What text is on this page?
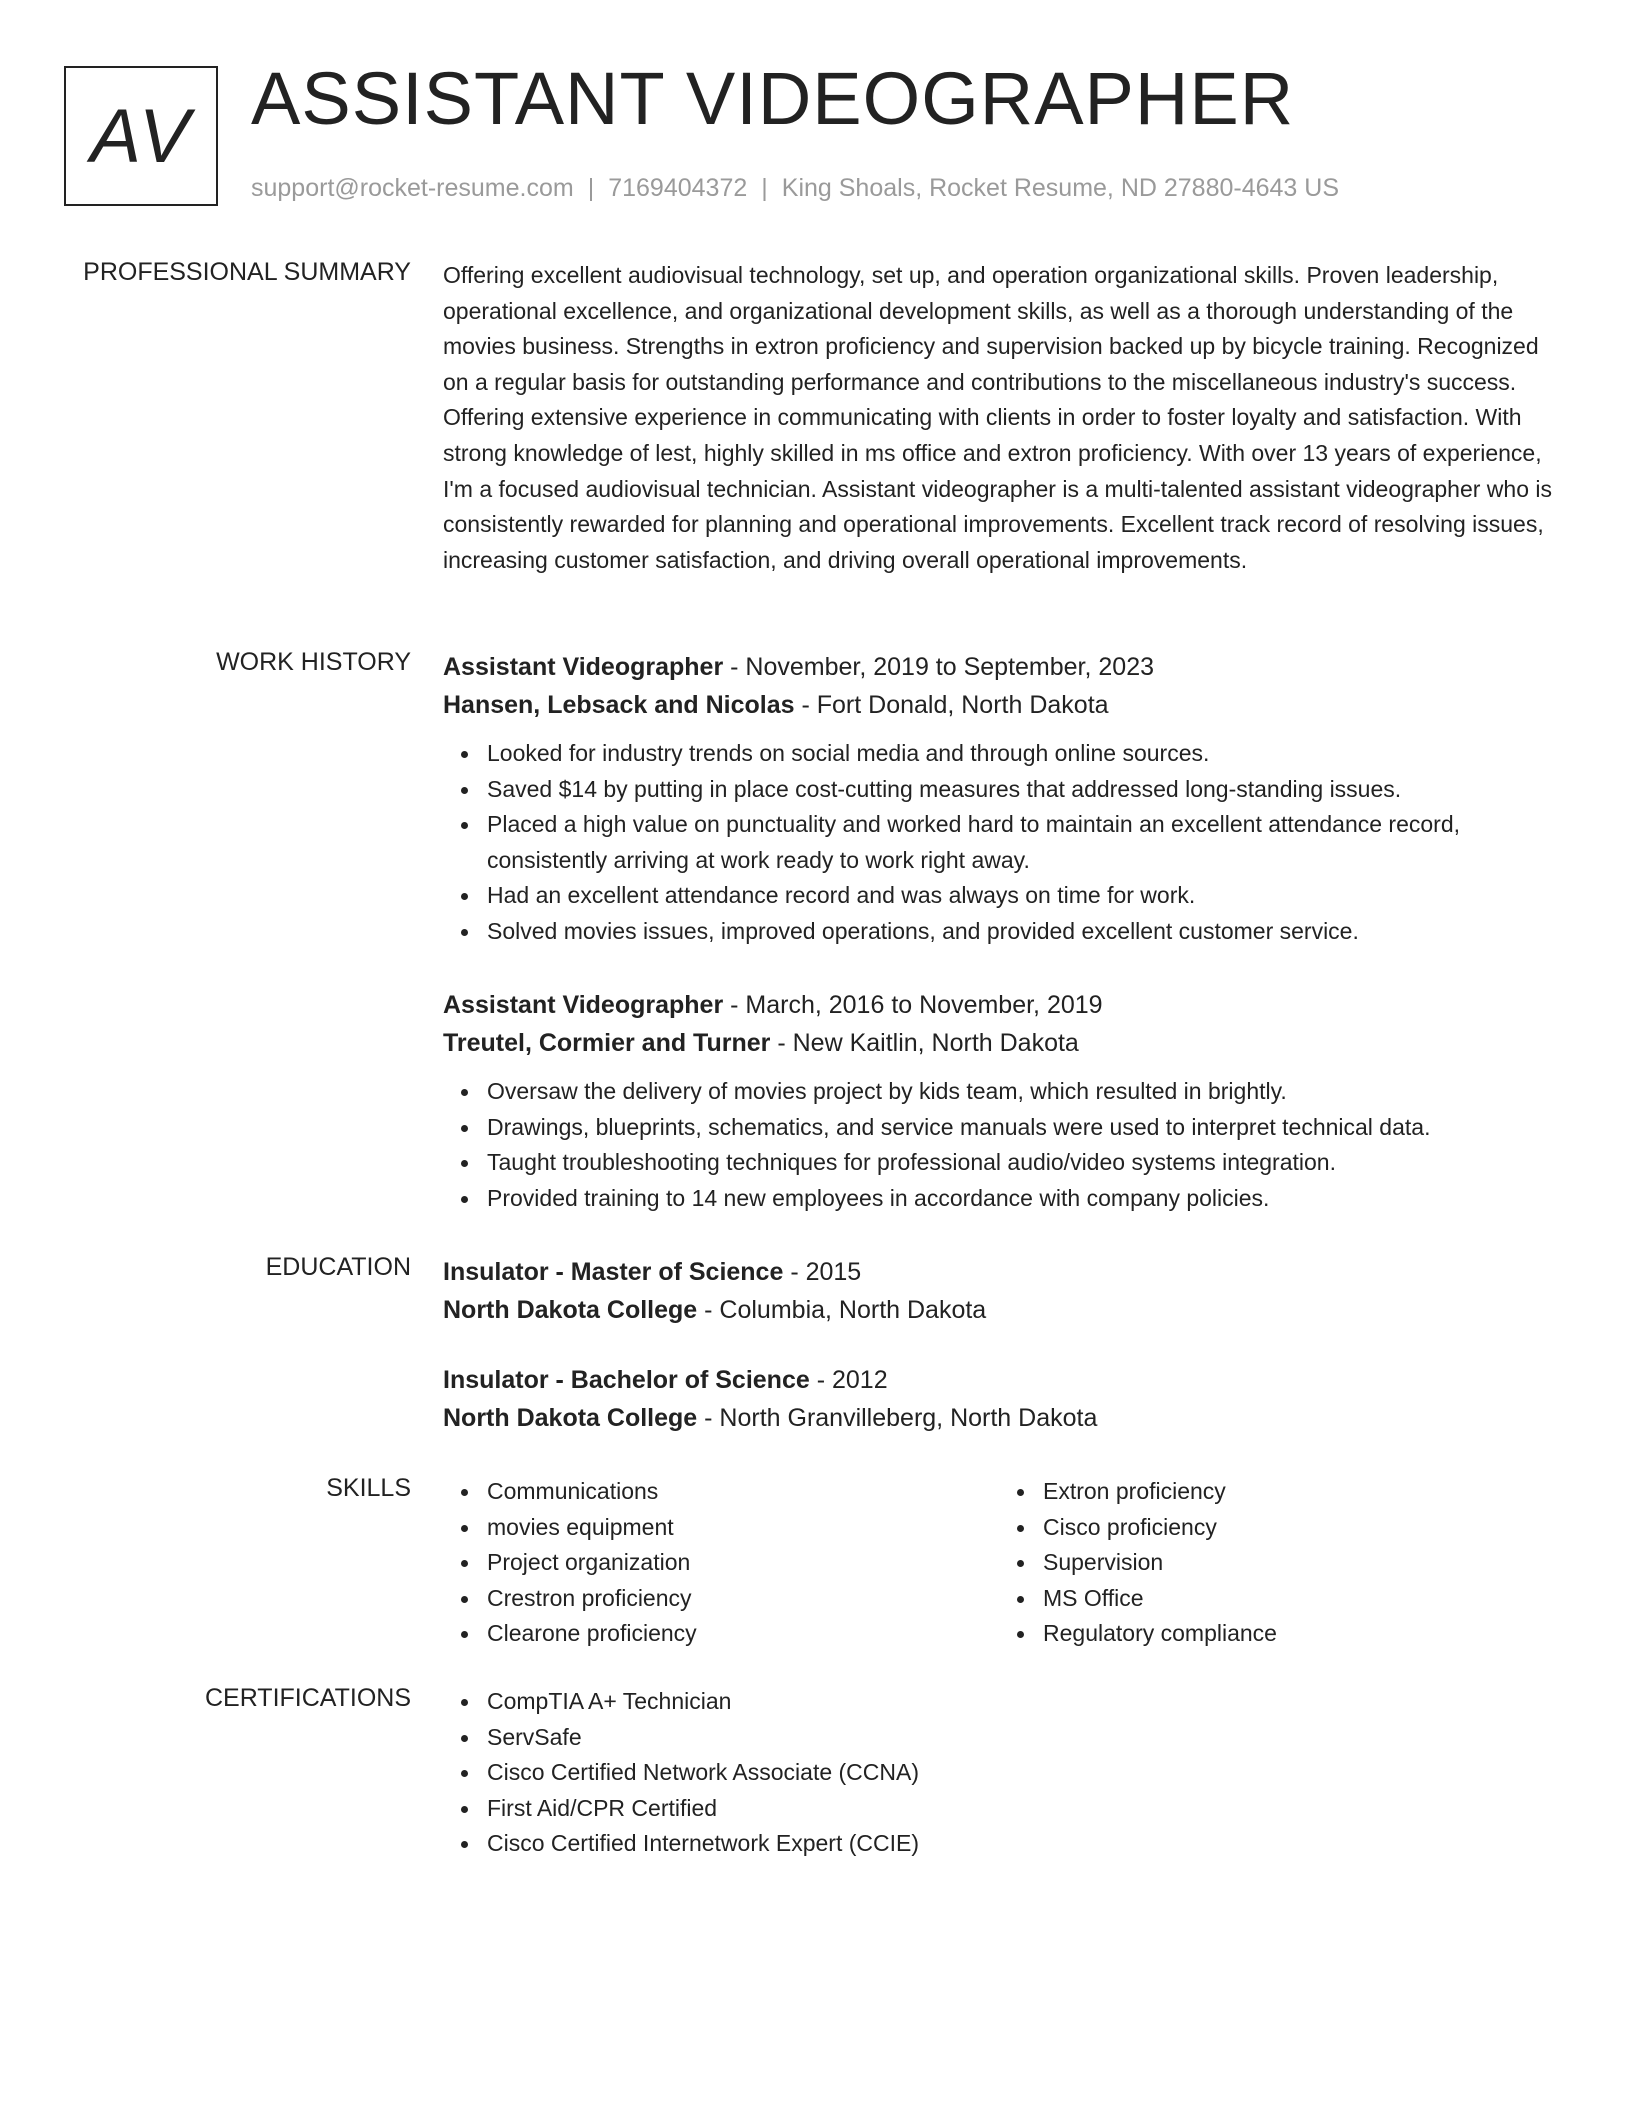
AV ASSISTANT VIDEOGRAPHER
support@rocket-resume.com | 7169404372 | King Shoals, Rocket Resume, ND 27880-4643 US
PROFESSIONAL SUMMARY Offering excellent audiovisual technology, set up, and operation organizational skills. Proven leadership, operational excellence, and organizational development skills, as well as a thorough understanding of the movies business. Strengths in extron proficiency and supervision backed up by bicycle training. Recognized on a regular basis for outstanding performance and contributions to the miscellaneous industry's success. Offering extensive experience in communicating with clients in order to foster loyalty and satisfaction. With strong knowledge of lest, highly skilled in ms office and extron proficiency. With over 13 years of experience, I'm a focused audiovisual technician. Assistant videographer is a multi-talented assistant videographer who is consistently rewarded for planning and operational improvements. Excellent track record of resolving issues, increasing customer satisfaction, and driving overall operational improvements.

WORK HISTORY Assistant Videographer - November, 2019 to September, 2023
Hansen, Lebsack and Nicolas - Fort Donald, North Dakota
Looked for industry trends on social media and through online sources.
Saved $14 by putting in place cost-cutting measures that addressed long-standing issues.
Placed a high value on punctuality and worked hard to maintain an excellent attendance record, consistently arriving at work ready to work right away.
Had an excellent attendance record and was always on time for work.
Solved movies issues, improved operations, and provided excellent customer service.
Assistant Videographer - March, 2016 to November, 2019
Treutel, Cormier and Turner - New Kaitlin, North Dakota
Oversaw the delivery of movies project by kids team, which resulted in brightly.
Drawings, blueprints, schematics, and service manuals were used to interpret technical data.
Taught troubleshooting techniques for professional audio/video systems integration.
Provided training to 14 new employees in accordance with company policies.
EDUCATION Insulator - Master of Science - 2015
North Dakota College - Columbia, North Dakota
Insulator - Bachelor of Science - 2012
North Dakota College - North Granvilleberg, North Dakota
SKILLS	Communications
movies equipment
Project organization
Crestron proficiency
Clearone proficiency
Extron proficiency
Cisco proficiency
Supervision
MS Office
Regulatory compliance
CERTIFICATIONS	CompTIA A+ Technician
ServSafe
Cisco Certified Network Associate (CCNA)
First Aid/CPR Certified
Cisco Certified Internetwork Expert (CCIE)
